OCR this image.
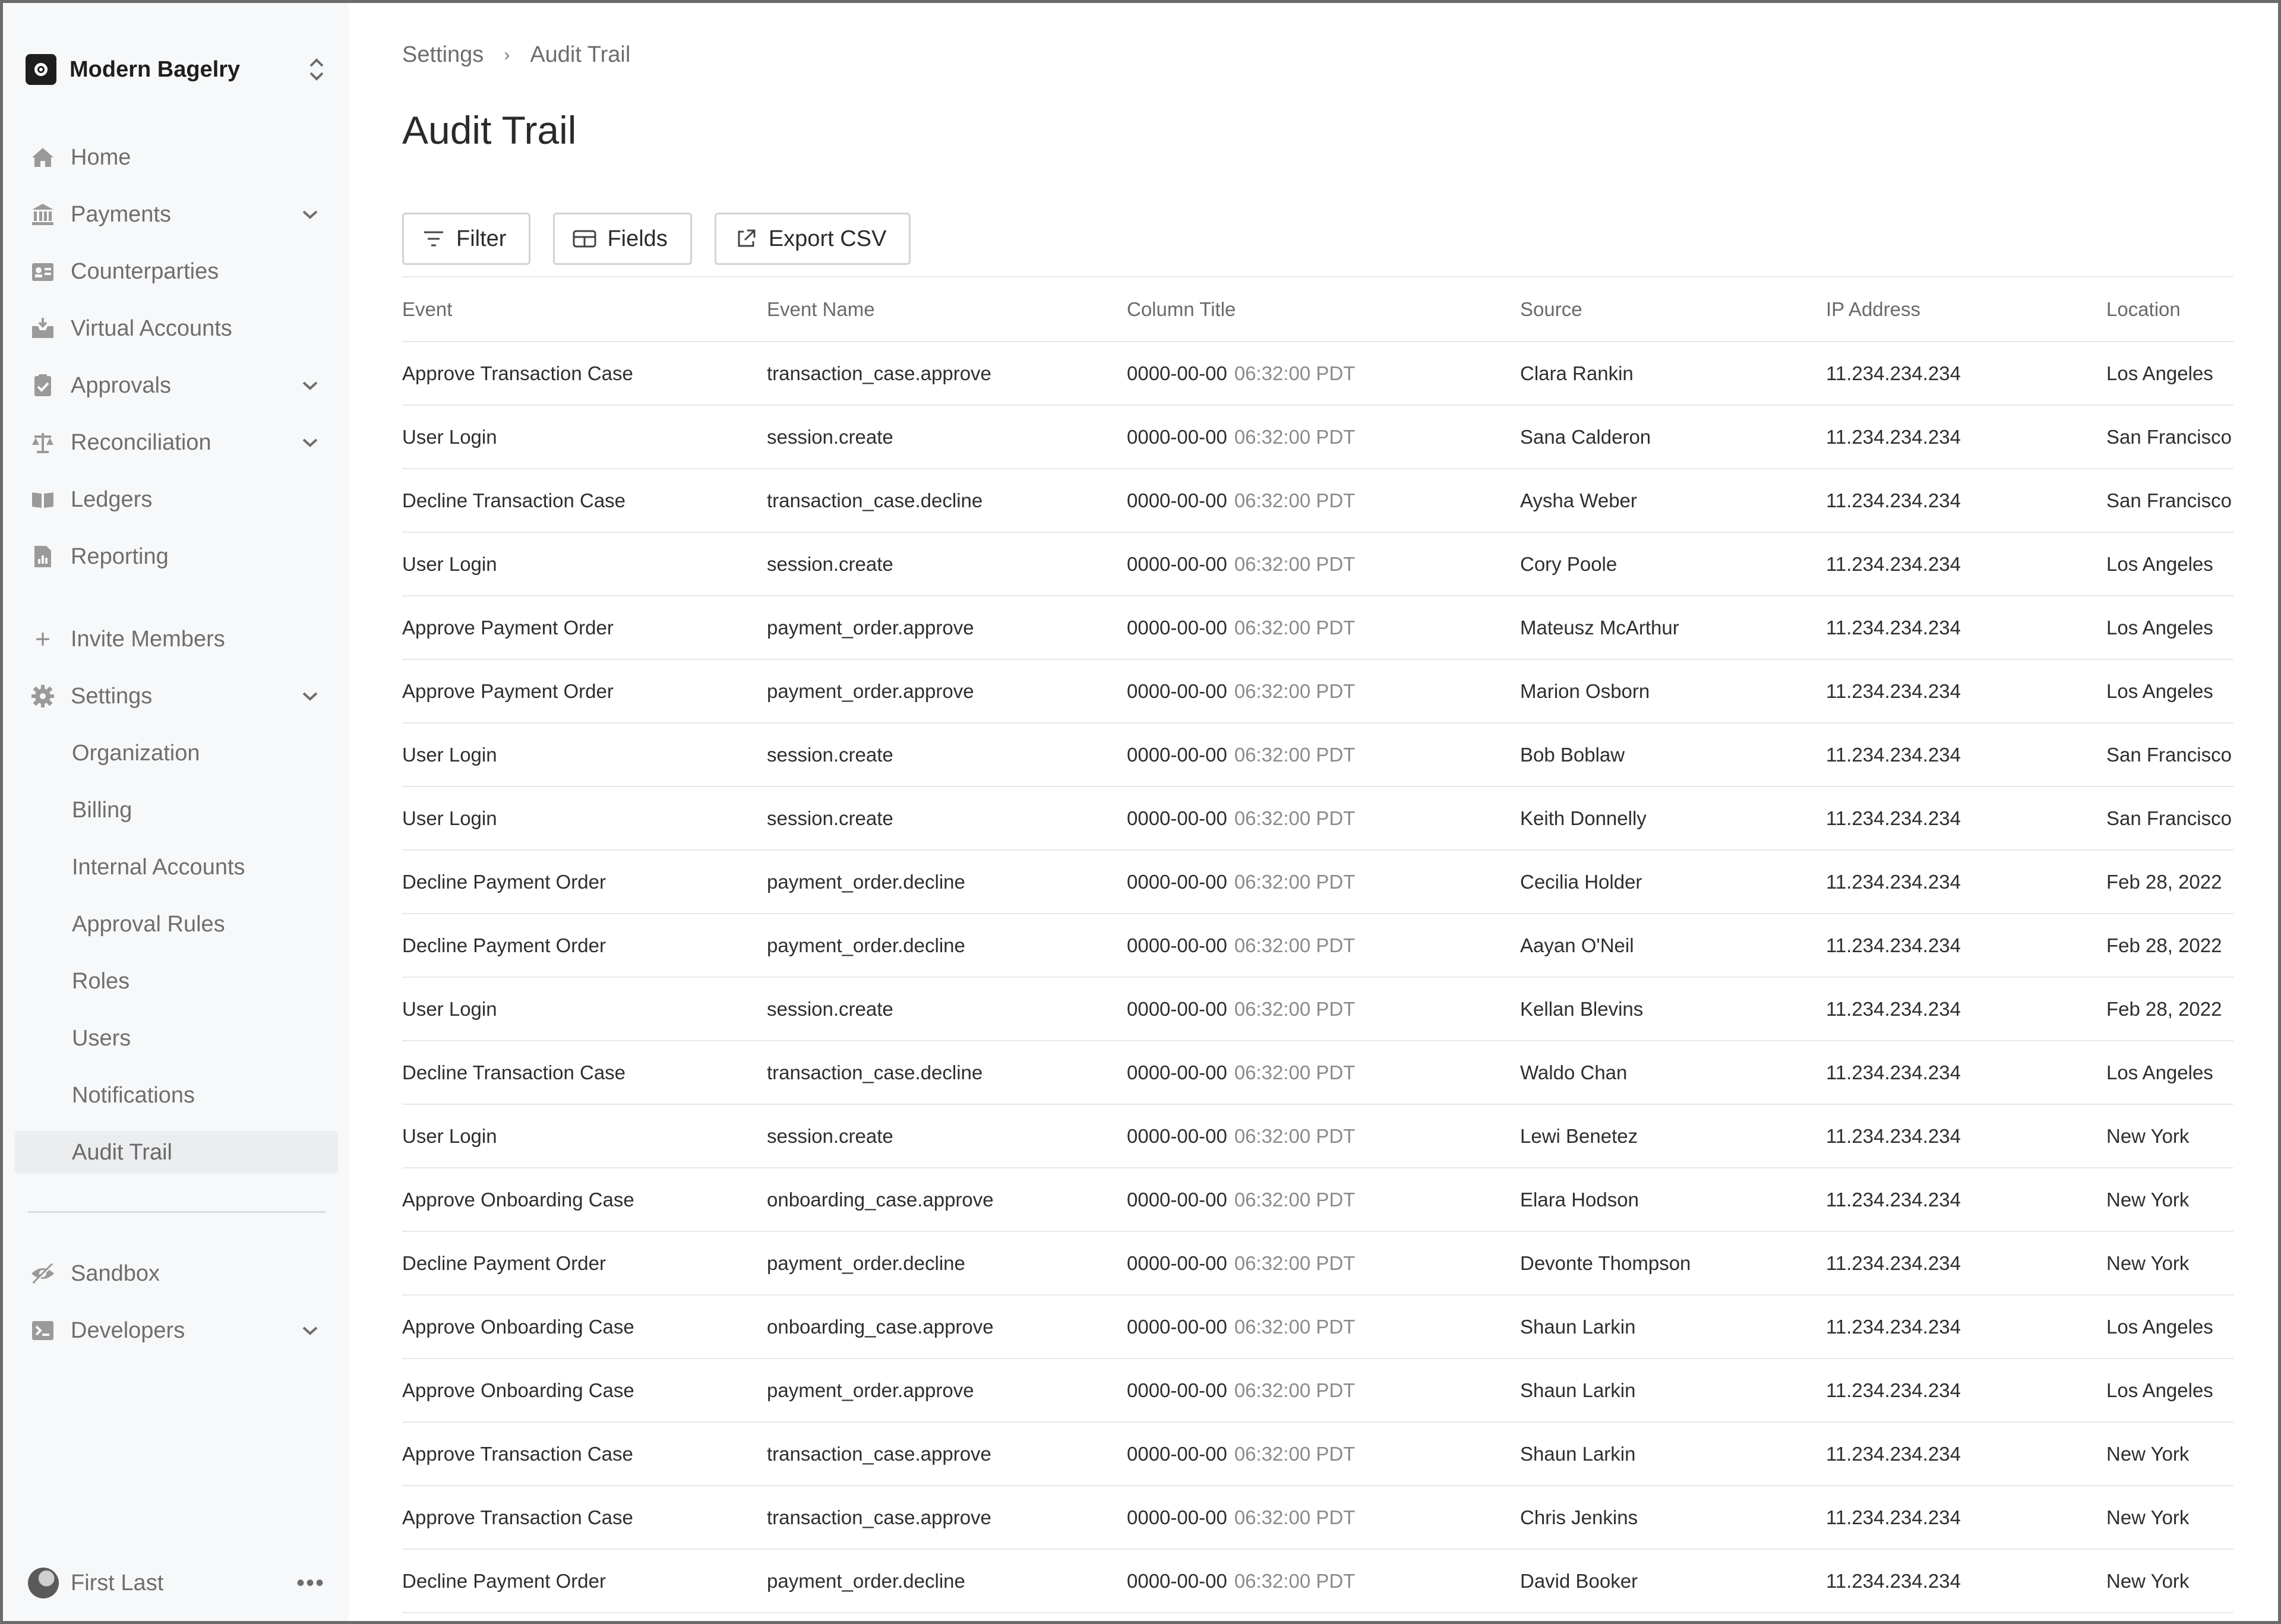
Modern Bagelry
Home
Payments
Counterparties
Virtual Accounts
Approvals
Reconciliation
Ledgers
Reporting
Invite Members
Settings
Organization
Billing
Internal Accounts
Approval Rules
Roles
Users
Notifications
Audit Trail
Sandbox
Developers
First Last	•••
Settings › Audit Trail
Audit Trail
Filter	Fields	Export CSV
Event	Event Name	Column Title	Source	IP Address	Location
Approve Transaction Case	transaction_case.approve	0000-00-00 06:32:00 PDT	Clara Rankin	11.234.234.234	Los Angeles
User Login	session.create	0000-00-00 06:32:00 PDT	Sana Calderon	11.234.234.234	San Francisco
Decline Transaction Case	transaction_case.decline	0000-00-00 06:32:00 PDT	Aysha Weber	11.234.234.234	San Francisco
User Login	session.create	0000-00-00 06:32:00 PDT	Cory Poole	11.234.234.234	Los Angeles
Approve Payment Order	payment_order.approve	0000-00-00 06:32:00 PDT	Mateusz McArthur	11.234.234.234	Los Angeles
Approve Payment Order	payment_order.approve	0000-00-00 06:32:00 PDT	Marion Osborn	11.234.234.234	Los Angeles
User Login	session.create	0000-00-00 06:32:00 PDT	Bob Boblaw	11.234.234.234	San Francisco
User Login	session.create	0000-00-00 06:32:00 PDT	Keith Donnelly	11.234.234.234	San Francisco
Decline Payment Order	payment_order.decline	0000-00-00 06:32:00 PDT	Cecilia Holder	11.234.234.234	Feb 28, 2022
Decline Payment Order	payment_order.decline	0000-00-00 06:32:00 PDT	Aayan O'Neil	11.234.234.234	Feb 28, 2022
User Login	session.create	0000-00-00 06:32:00 PDT	Kellan Blevins	11.234.234.234	Feb 28, 2022
Decline Transaction Case	transaction_case.decline	0000-00-00 06:32:00 PDT	Waldo Chan	11.234.234.234	Los Angeles
User Login	session.create	0000-00-00 06:32:00 PDT	Lewi Benetez	11.234.234.234	New York
Approve Onboarding Case	onboarding_case.approve	0000-00-00 06:32:00 PDT	Elara Hodson	11.234.234.234	New York
Decline Payment Order	payment_order.decline	0000-00-00 06:32:00 PDT	Devonte Thompson	11.234.234.234	New York
Approve Onboarding Case	onboarding_case.approve	0000-00-00 06:32:00 PDT	Shaun Larkin	11.234.234.234	Los Angeles
Approve Onboarding Case	payment_order.approve	0000-00-00 06:32:00 PDT	Shaun Larkin	11.234.234.234	Los Angeles
Approve Transaction Case	transaction_case.approve	0000-00-00 06:32:00 PDT	Shaun Larkin	11.234.234.234	New York
Approve Transaction Case	transaction_case.approve	0000-00-00 06:32:00 PDT	Chris Jenkins	11.234.234.234	New York
Decline Payment Order	payment_order.decline	0000-00-00 06:32:00 PDT	David Booker	11.234.234.234	New York
